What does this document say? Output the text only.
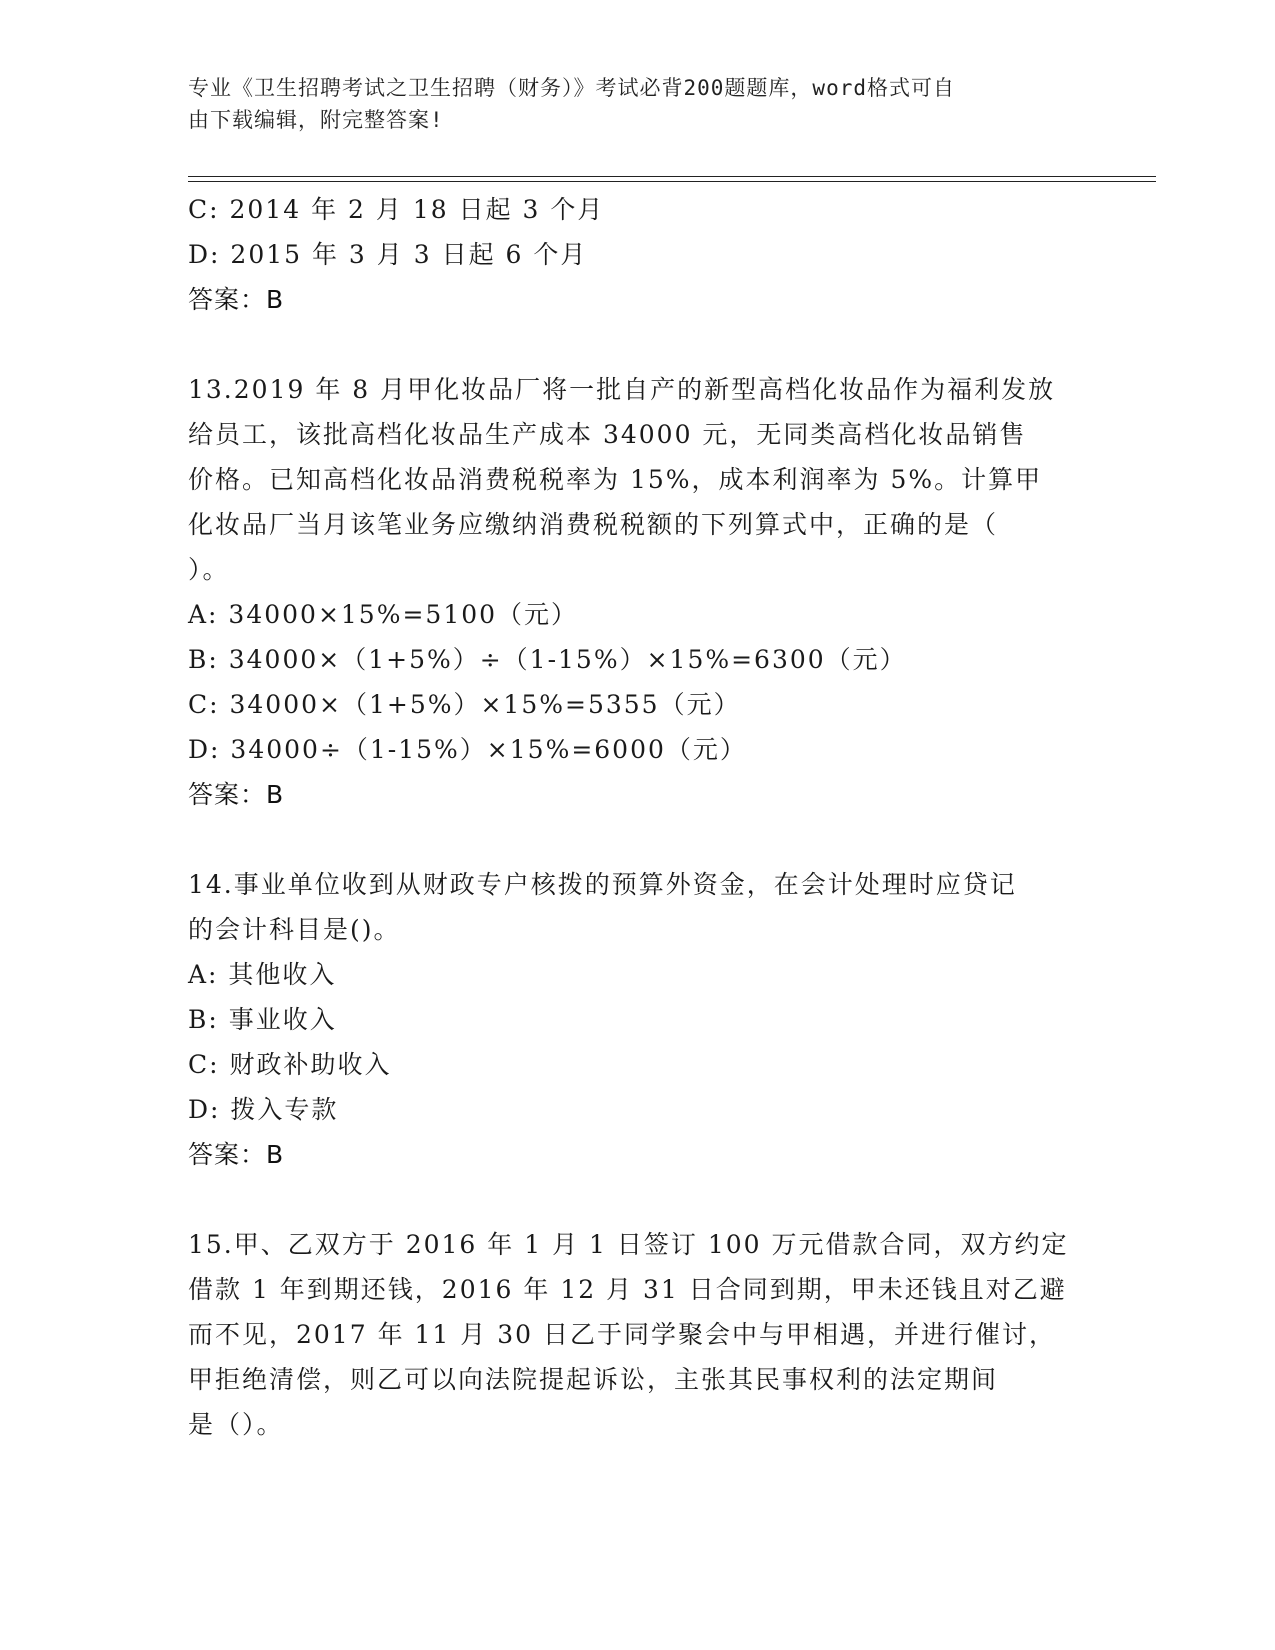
专业《卫生招聘考试之卫生招聘（财务）》考试必背200题题库，word格式可自
由下载编辑，附完整答案!
C: 2014 年 2 月 18 日起 3 个月
D: 2015 年 3 月 3 日起 6 个月
答案：B
13.2019 年 8 月甲化妆品厂将一批自产的新型高档化妆品作为福利发放
给员工，该批高档化妆品生产成本 34000 元，无同类高档化妆品销售
价格。已知高档化妆品消费税税率为 15%，成本利润率为 5%。计算甲
化妆品厂当月该笔业务应缴纳消费税税额的下列算式中，正确的是（
）。
A: 34000×15%=5100（元）
B: 34000×（1+5%）÷（1-15%）×15%=6300（元）
C: 34000×（1+5%）×15%=5355（元）
D: 34000÷（1-15%）×15%=6000（元）
答案：B
14.事业单位收到从财政专户核拨的预算外资金，在会计处理时应贷记
的会计科目是()。
A: 其他收入
B: 事业收入
C: 财政补助收入
D: 拨入专款
答案：B
15.甲、乙双方于 2016 年 1 月 1 日签订 100 万元借款合同，双方约定
借款 1 年到期还钱，2016 年 12 月 31 日合同到期，甲未还钱且对乙避
而不见，2017 年 11 月 30 日乙于同学聚会中与甲相遇，并进行催讨，
甲拒绝清偿，则乙可以向法院提起诉讼，主张其民事权利的法定期间
是（）。
